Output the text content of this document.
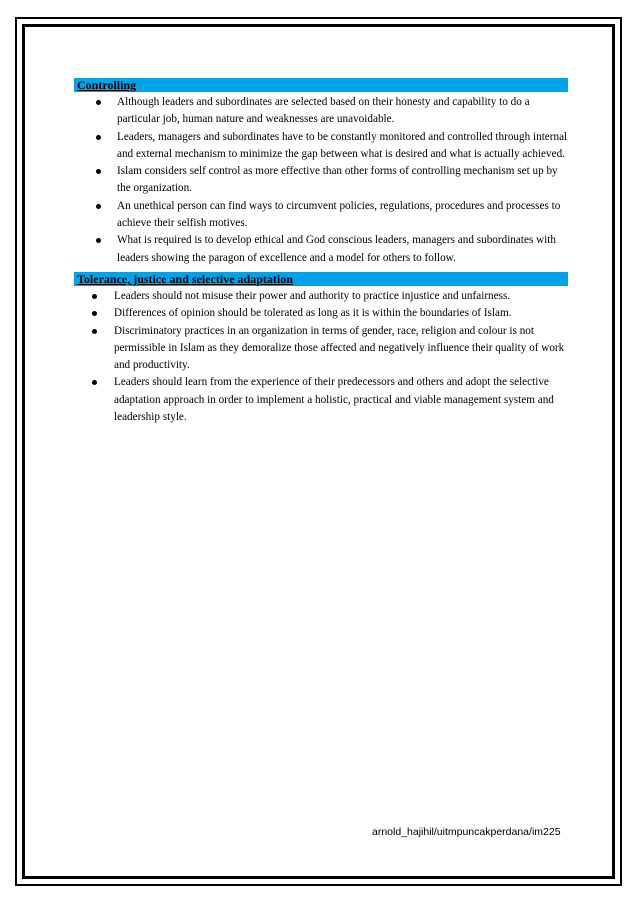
Controlling
Although leaders and subordinates are selected based on their honesty and capability to do a particular job, human nature and weaknesses are unavoidable.
Leaders, managers and subordinates have to be constantly monitored and controlled through internal and external mechanism to minimize the gap between what is desired and what is actually achieved.
Islam considers self control as more effective than other forms of controlling mechanism set up by the organization.
An unethical person can find ways to circumvent policies, regulations, procedures and processes to achieve their selfish motives.
What is required is to develop ethical and God conscious leaders, managers and subordinates with leaders showing the paragon of excellence and a model for others to follow.
Tolerance, justice and selective adaptation
Leaders should not misuse their power and authority to practice injustice and unfairness.
Differences of opinion should be tolerated as long as it is within the boundaries of Islam.
Discriminatory practices in an organization in terms of gender, race, religion and colour is not permissible in Islam as they demoralize those affected and negatively influence their quality of work and productivity.
Leaders should learn from the experience of their predecessors and others and adopt the selective adaptation approach in order to implement a holistic, practical and viable management system and leadership style.
arnold_hajihil/uitmpuncakperdana/im225
